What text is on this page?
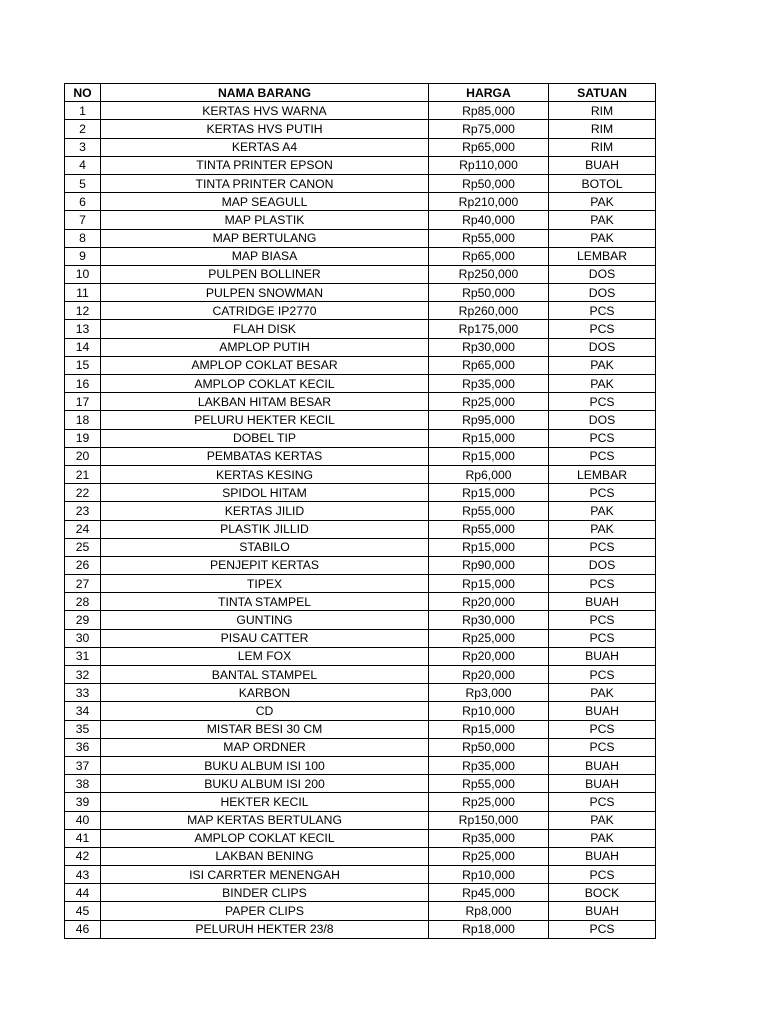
NO	NAMA BARANG	HARGA	SATUAN
1	KERTAS HVS WARNA	Rp85,000	RIM
2	KERTAS HVS PUTIH	Rp75,000	RIM
3	KERTAS A4	Rp65,000	RIM
4	TINTA PRINTER EPSON	Rp110,000	BUAH
5	TINTA PRINTER CANON	Rp50,000	BOTOL
6	MAP SEAGULL	Rp210,000	PAK
7	MAP PLASTIK	Rp40,000	PAK
8	MAP BERTULANG	Rp55,000	PAK
9	MAP BIASA	Rp65,000	LEMBAR
10	PULPEN BOLLINER	Rp250,000	DOS
11	PULPEN SNOWMAN	Rp50,000	DOS
12	CATRIDGE IP2770	Rp260,000	PCS
13	FLAH DISK	Rp175,000	PCS
14	AMPLOP PUTIH	Rp30,000	DOS
15	AMPLOP COKLAT BESAR	Rp65,000	PAK
16	AMPLOP COKLAT KECIL	Rp35,000	PAK
17	LAKBAN HITAM BESAR	Rp25,000	PCS
18	PELURU HEKTER KECIL	Rp95,000	DOS
19	DOBEL TIP	Rp15,000	PCS
20	PEMBATAS KERTAS	Rp15,000	PCS
21	KERTAS KESING	Rp6,000	LEMBAR
22	SPIDOL HITAM	Rp15,000	PCS
23	KERTAS JILID	Rp55,000	PAK
24	PLASTIK JILLID	Rp55,000	PAK
25	STABILO	Rp15,000	PCS
26	PENJEPIT KERTAS	Rp90,000	DOS
27	TIPEX	Rp15,000	PCS
28	TINTA STAMPEL	Rp20,000	BUAH
29	GUNTING	Rp30,000	PCS
30	PISAU CATTER	Rp25,000	PCS
31	LEM FOX	Rp20,000	BUAH
32	BANTAL STAMPEL	Rp20,000	PCS
33	KARBON	Rp3,000	PAK
34	CD	Rp10,000	BUAH
35	MISTAR BESI 30 CM	Rp15,000	PCS
36	MAP ORDNER	Rp50,000	PCS
37	BUKU ALBUM ISI 100	Rp35,000	BUAH
38	BUKU ALBUM ISI 200	Rp55,000	BUAH
39	HEKTER KECIL	Rp25,000	PCS
40	MAP KERTAS BERTULANG	Rp150,000	PAK
41	AMPLOP COKLAT KECIL	Rp35,000	PAK
42	LAKBAN BENING	Rp25,000	BUAH
43	ISI CARRTER MENENGAH	Rp10,000	PCS
44	BINDER CLIPS	Rp45,000	BOCK
45	PAPER CLIPS	Rp8,000	BUAH
46	PELURUH HEKTER 23/8	Rp18,000	PCS
